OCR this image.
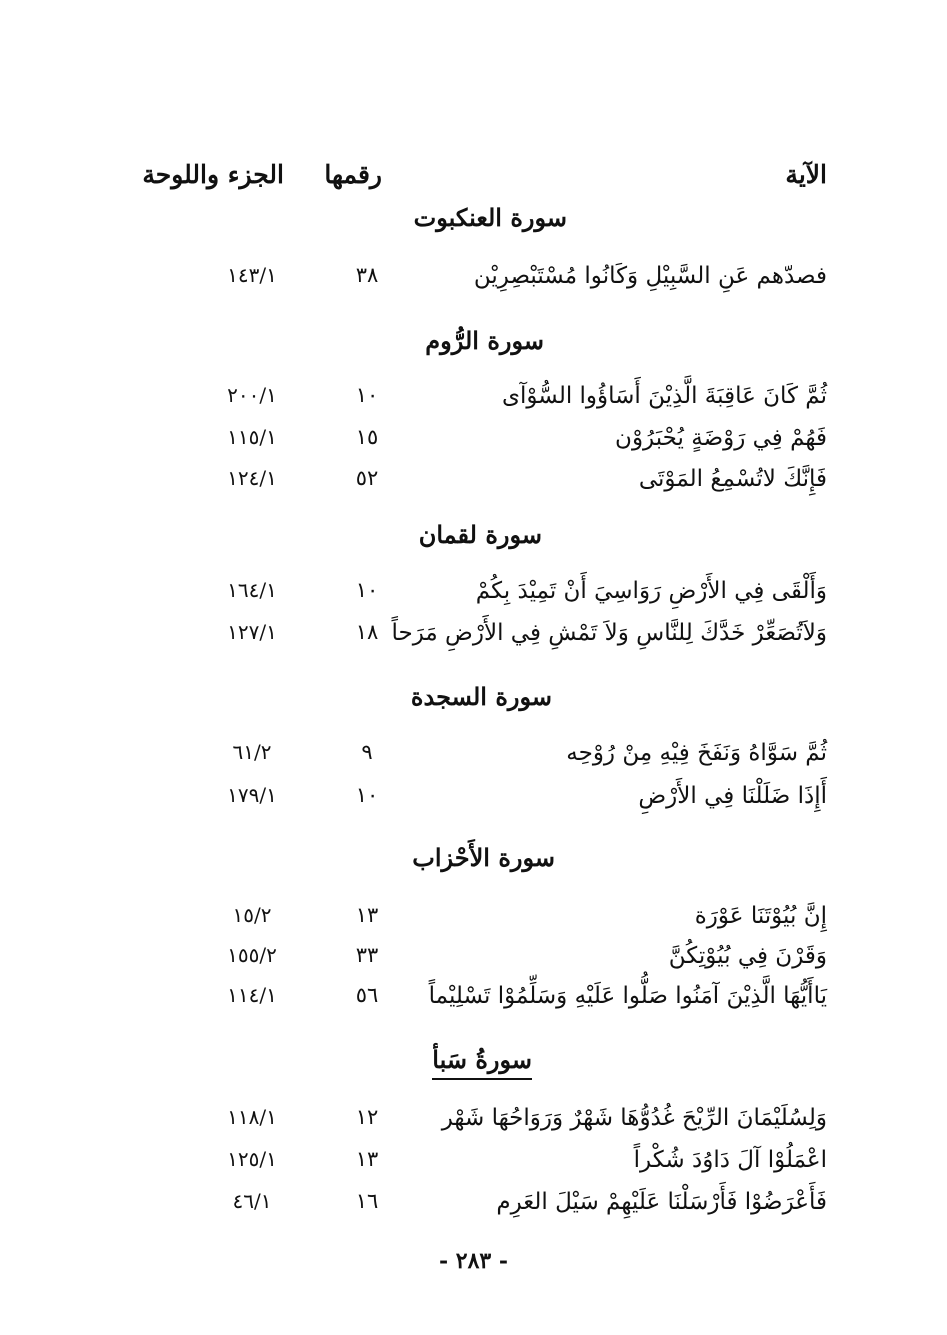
الآية
رقمها
الجزء واللوحة
سورة العنكبوت
فصدّهم عَنِ السَّبِيْلِ وَكَانُوا مُسْتَبْصِرِيْن
٣٨
١٤٣/١
سورة الرُّوم
ثُمَّ كَانَ عَاقِبَةَ الَّذِيْنَ أَسَاؤُوا السُّوْآى
١٠
٢٠٠/١
فَهُمْ فِي رَوْضَةٍ يُحْبَرُوْن
١٥
١١٥/١
فَإِنَّكَ لاتُسْمِعُ المَوْتَى
٥٢
١٢٤/١
سورة لقمان
وَأَلْقَى فِي الأَرْضِ رَوَاسِيَ أَنْ تَمِيْدَ بِكُمْ
١٠
١٦٤/١
وَلاَتُصَعِّرْ خَدَّكَ لِلنَّاسِ وَلاَ تَمْشِ فِي الأَرْضِ مَرَحاً
١٨
١٢٧/١
سورة السجدة
ثُمَّ سَوَّاهُ وَنَفَخَ فِيْهِ مِنْ رُوْحِه
٩
٦١/٢
أَإِذَا ضَلَلْنَا فِي الأَرْضِ
١٠
١٧٩/١
سورة الأَحْزاب
إِنَّ بُيُوْتَنَا عَوْرَة
١٣
١٥/٢
وَقَرْنَ فِي بُيُوْتِكُنَّ
٣٣
١٥٥/٢
يَاأَيُّهَا الَّذِيْنَ آمَنُوا صَلُّوا عَلَيْهِ وَسَلِّمُوْا تَسْلِيْماً
٥٦
١١٤/١
سورةُ سَبأ
وَلِسُلَيْمَانَ الرِّيْحَ غُدُوُّهَا شَهْرٌ وَرَوَاحُهَا شَهْر
١٢
١١٨/١
اعْمَلُوْا آلَ دَاوُدَ شُكْراً
١٣
١٢٥/١
فَأَعْرَضُوْا فَأَرْسَلْنَا عَلَيْهِمْ سَيْلَ العَرِم
١٦
٤٦/١
- ٢٨٣ -
